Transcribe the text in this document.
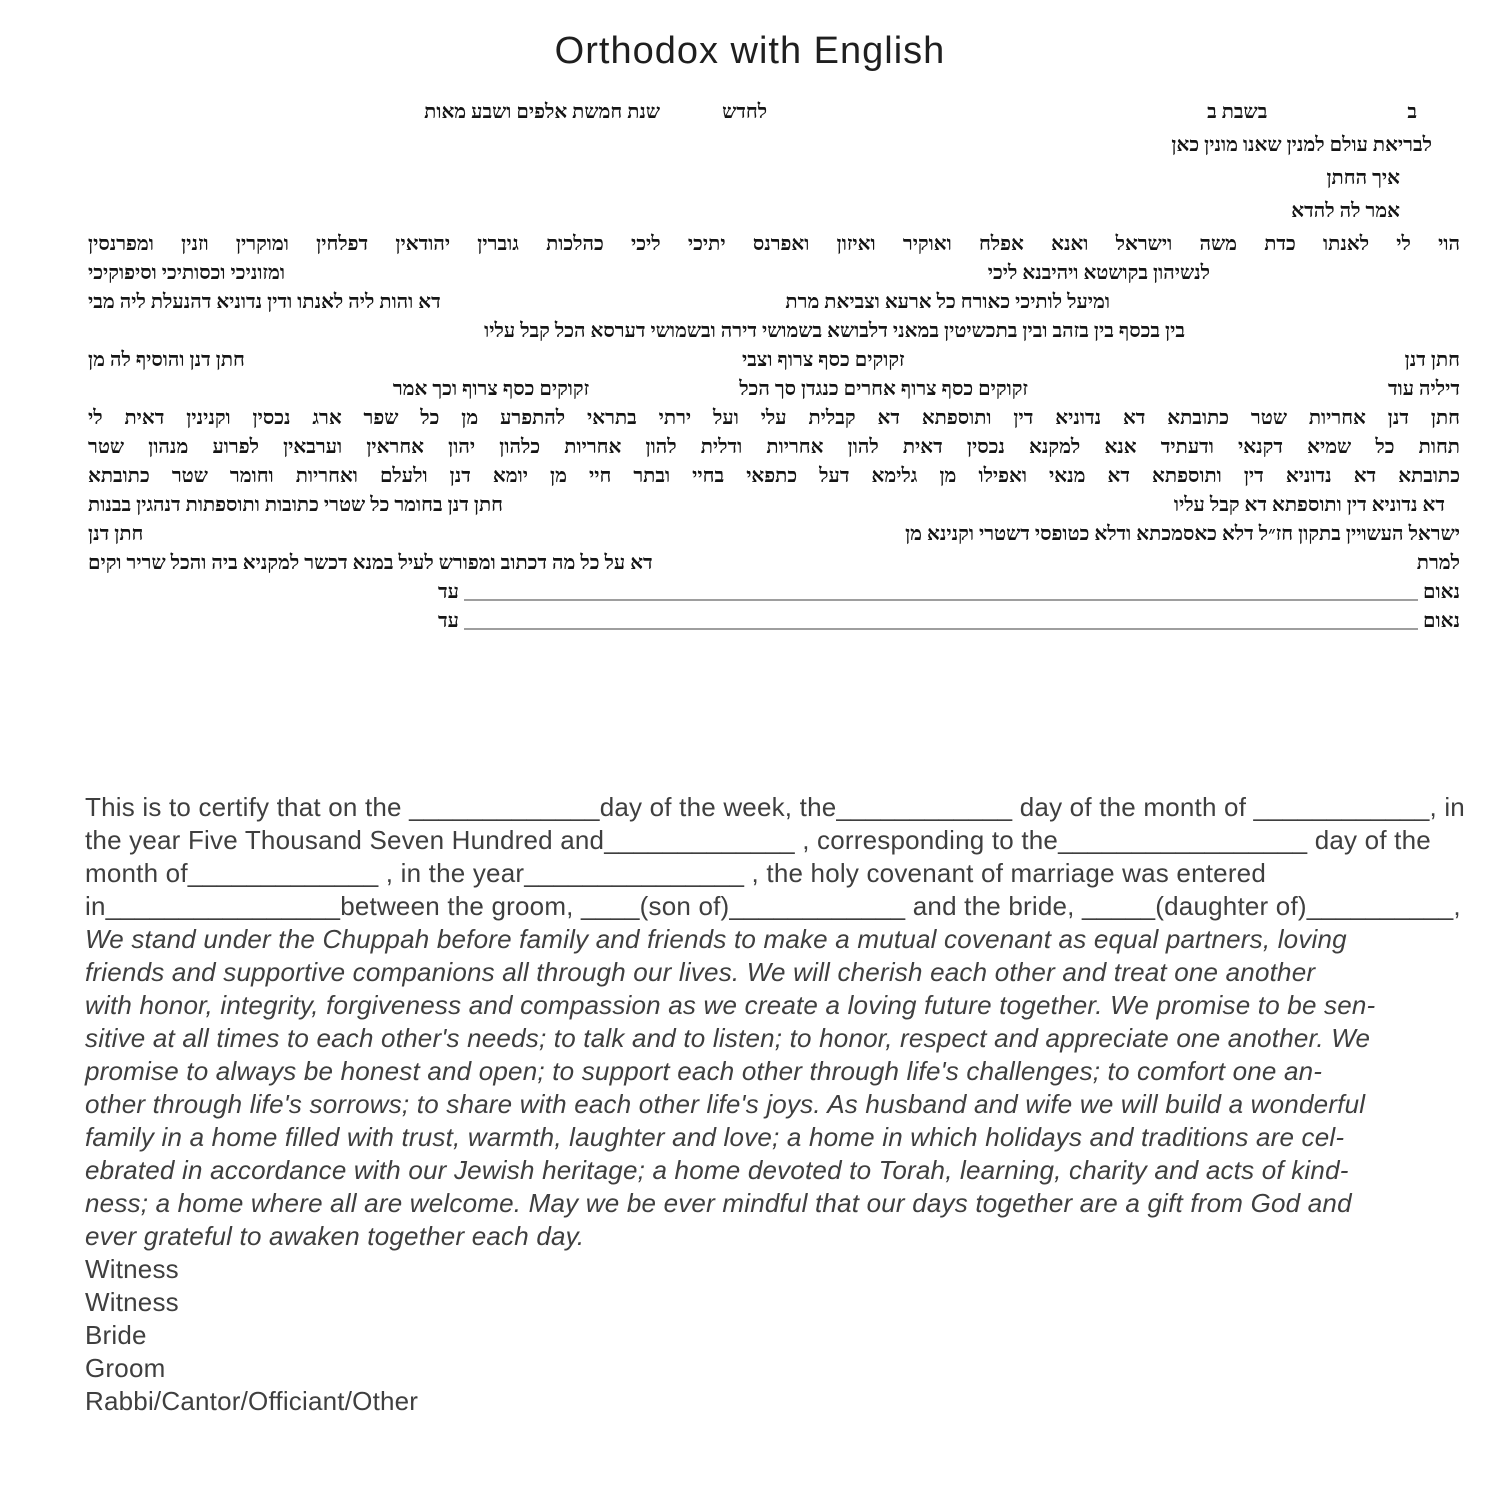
Orthodox with English
ב
בשבת ב
לחדש
שנת חמשת אלפים ושבע מאות
לבריאת עולם למנין שאנו מונין כאן
איך החתן
אמר לה להדא
הוי לי לאנתו כדת משה וישראל ואנא אפלח ואוקיר ואיזון ואפרנס יתיכי ליכי כהלכות גוברין יהודאין דפלחין ומוקרין וזנין ומפרנסין
לנשיהון בקושטא ויהיבנא ליכי
ומזוניכי וכסותיכי וסיפוקיכי
ומיעל לותיכי כאורח כל ארעא וצביאת מרת
דא והות ליה לאנתו ודין נדוניא דהנעלת ליה מבי
בין בכסף בין בזהב ובין בתכשיטין במאני דלבושא בשמושי דירה ובשמושי דערסא הכל קבל עליו
חתן דנן
זקוקים כסף צרוף וצבי
חתן דנן והוסיף לה מן
דיליה עוד
זקוקים כסף צרוף אחרים כנגדן סך הכל
זקוקים כסף צרוף וכך אמר
חתן דנן אחריות שטר כתובתא דא נדוניא דין ותוספתא דא קבלית עלי ועל ירתי בתראי להתפרע מן כל שפר ארג נכסין וקנינין דאית לי
תחות כל שמיא דקנאי ודעתיד אנא למקנא נכסין דאית להון אחריות ודלית להון אחריות כלהון יהון אחראין וערבאין לפרוע מנהון שטר
כתובתא דא נדוניא דין ותוספתא דא מנאי ואפילו מן גלימא דעל כתפאי בחיי ובתר חיי מן יומא דנן ולעלם ואחריות וחומר שטר כתובתא
דא נדוניא דין ותוספתא דא קבל עליו
חתן דנן בחומר כל שטרי כתובות ותוספתות דנהגין בבנות
ישראל העשויין בתקון חז״ל דלא כאסמכתא ודלא כטופסי דשטרי וקנינא מן
חתן דנן
למרת
דא על כל מה דכתוב ומפורש לעיל במנא דכשר למקניא ביה והכל שריר וקים
נאום
עד
נאום
עד
This is to certify that on the _____________day of the week, the____________ day of the month of ____________, in
the year Five Thousand Seven Hundred and_____________ , corresponding to the_________________ day of the
month of_____________ , in the year_______________ , the holy covenant of marriage was entered
in________________between the groom, ____(son of)____________ and the bride, _____(daughter of)__________,
We stand under the Chuppah before family and friends to make a mutual covenant as equal partners, loving
friends and supportive companions all through our lives. We will cherish each other and treat one another
with honor, integrity, forgiveness and compassion as we create a loving future together. We promise to be sen-
sitive at all times to each other's needs; to talk and to listen; to honor, respect and appreciate one another. We
promise to always be honest and open; to support each other through life's challenges; to comfort one an-
other through life's sorrows; to share with each other life's joys. As husband and wife we will build a wonderful
family in a home filled with trust, warmth, laughter and love; a home in which holidays and traditions are cel-
ebrated in accordance with our Jewish heritage; a home devoted to Torah, learning, charity and acts of kind-
ness; a home where all are welcome. May we be ever mindful that our days together are a gift from God and
ever grateful to awaken together each day.
Witness
Witness
Bride
Groom
Rabbi/Cantor/Officiant/Other
